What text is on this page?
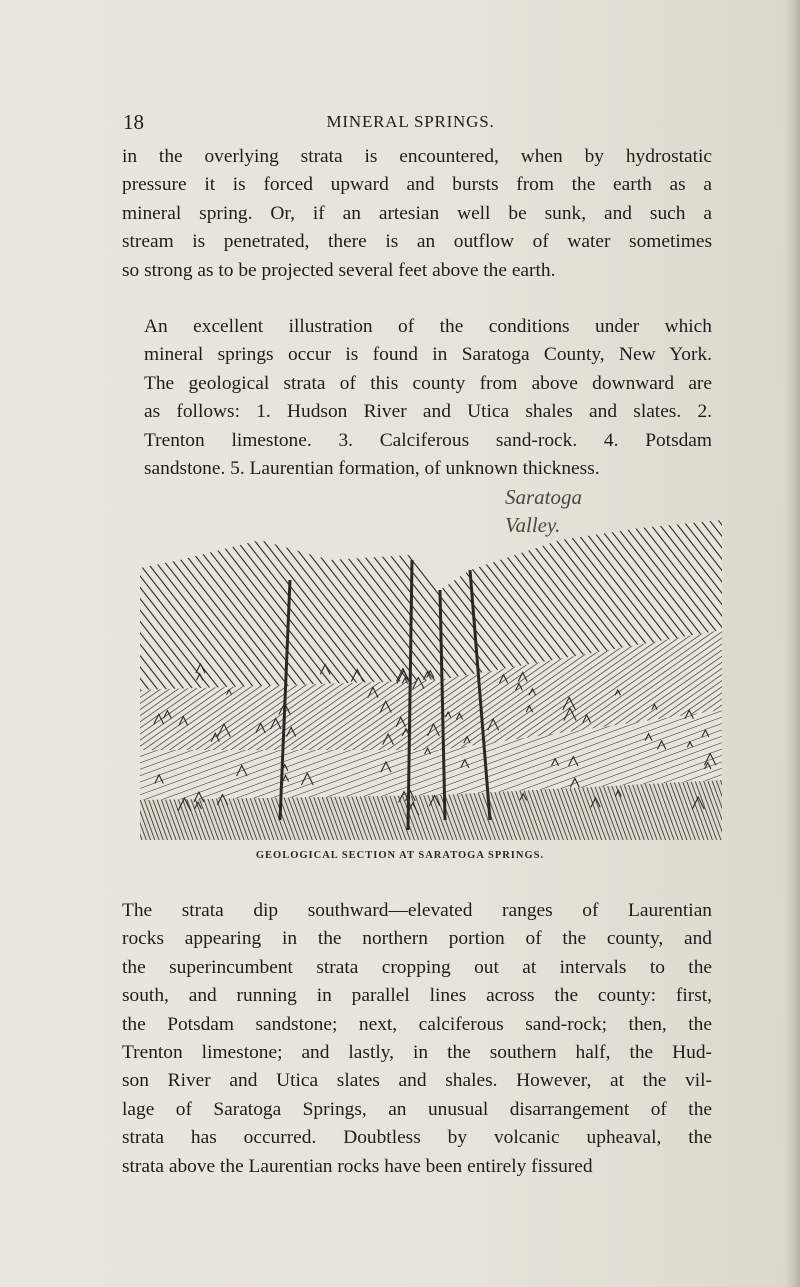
18	MINERAL SPRINGS.

in the overlying strata is encountered, when by hydrostatic
pressure it is forced upward and bursts from the earth as a
mineral spring. Or, if an artesian well be sunk, and such a
stream is penetrated, there is an outflow of water sometimes
so strong as to be projected several feet above the earth.

An excellent illustration of the conditions under which
mineral springs occur is found in Saratoga County, New York.
The geological strata of this county from above downward are
as follows: 1. Hudson River and Utica shales and slates. 2.
Trenton limestone. 3. Calciferous sand-rock. 4. Potsdam
sandstone. 5. Laurentian formation, of unknown thickness.

Saratoga
Valley.
GEOLOGICAL SECTION AT SARATOGA SPRINGS.

The strata dip southward—elevated ranges of Laurentian
rocks appearing in the northern portion of the county, and
the superincumbent strata cropping out at intervals to the
south, and running in parallel lines across the county: first,
the Potsdam sandstone; next, calciferous sand-rock; then, the
Trenton limestone; and lastly, in the southern half, the Hud-
son River and Utica slates and shales. However, at the vil-
lage of Saratoga Springs, an unusual disarrangement of the
strata has occurred. Doubtless by volcanic upheaval, the
strata above the Laurentian rocks have been entirely fissured
